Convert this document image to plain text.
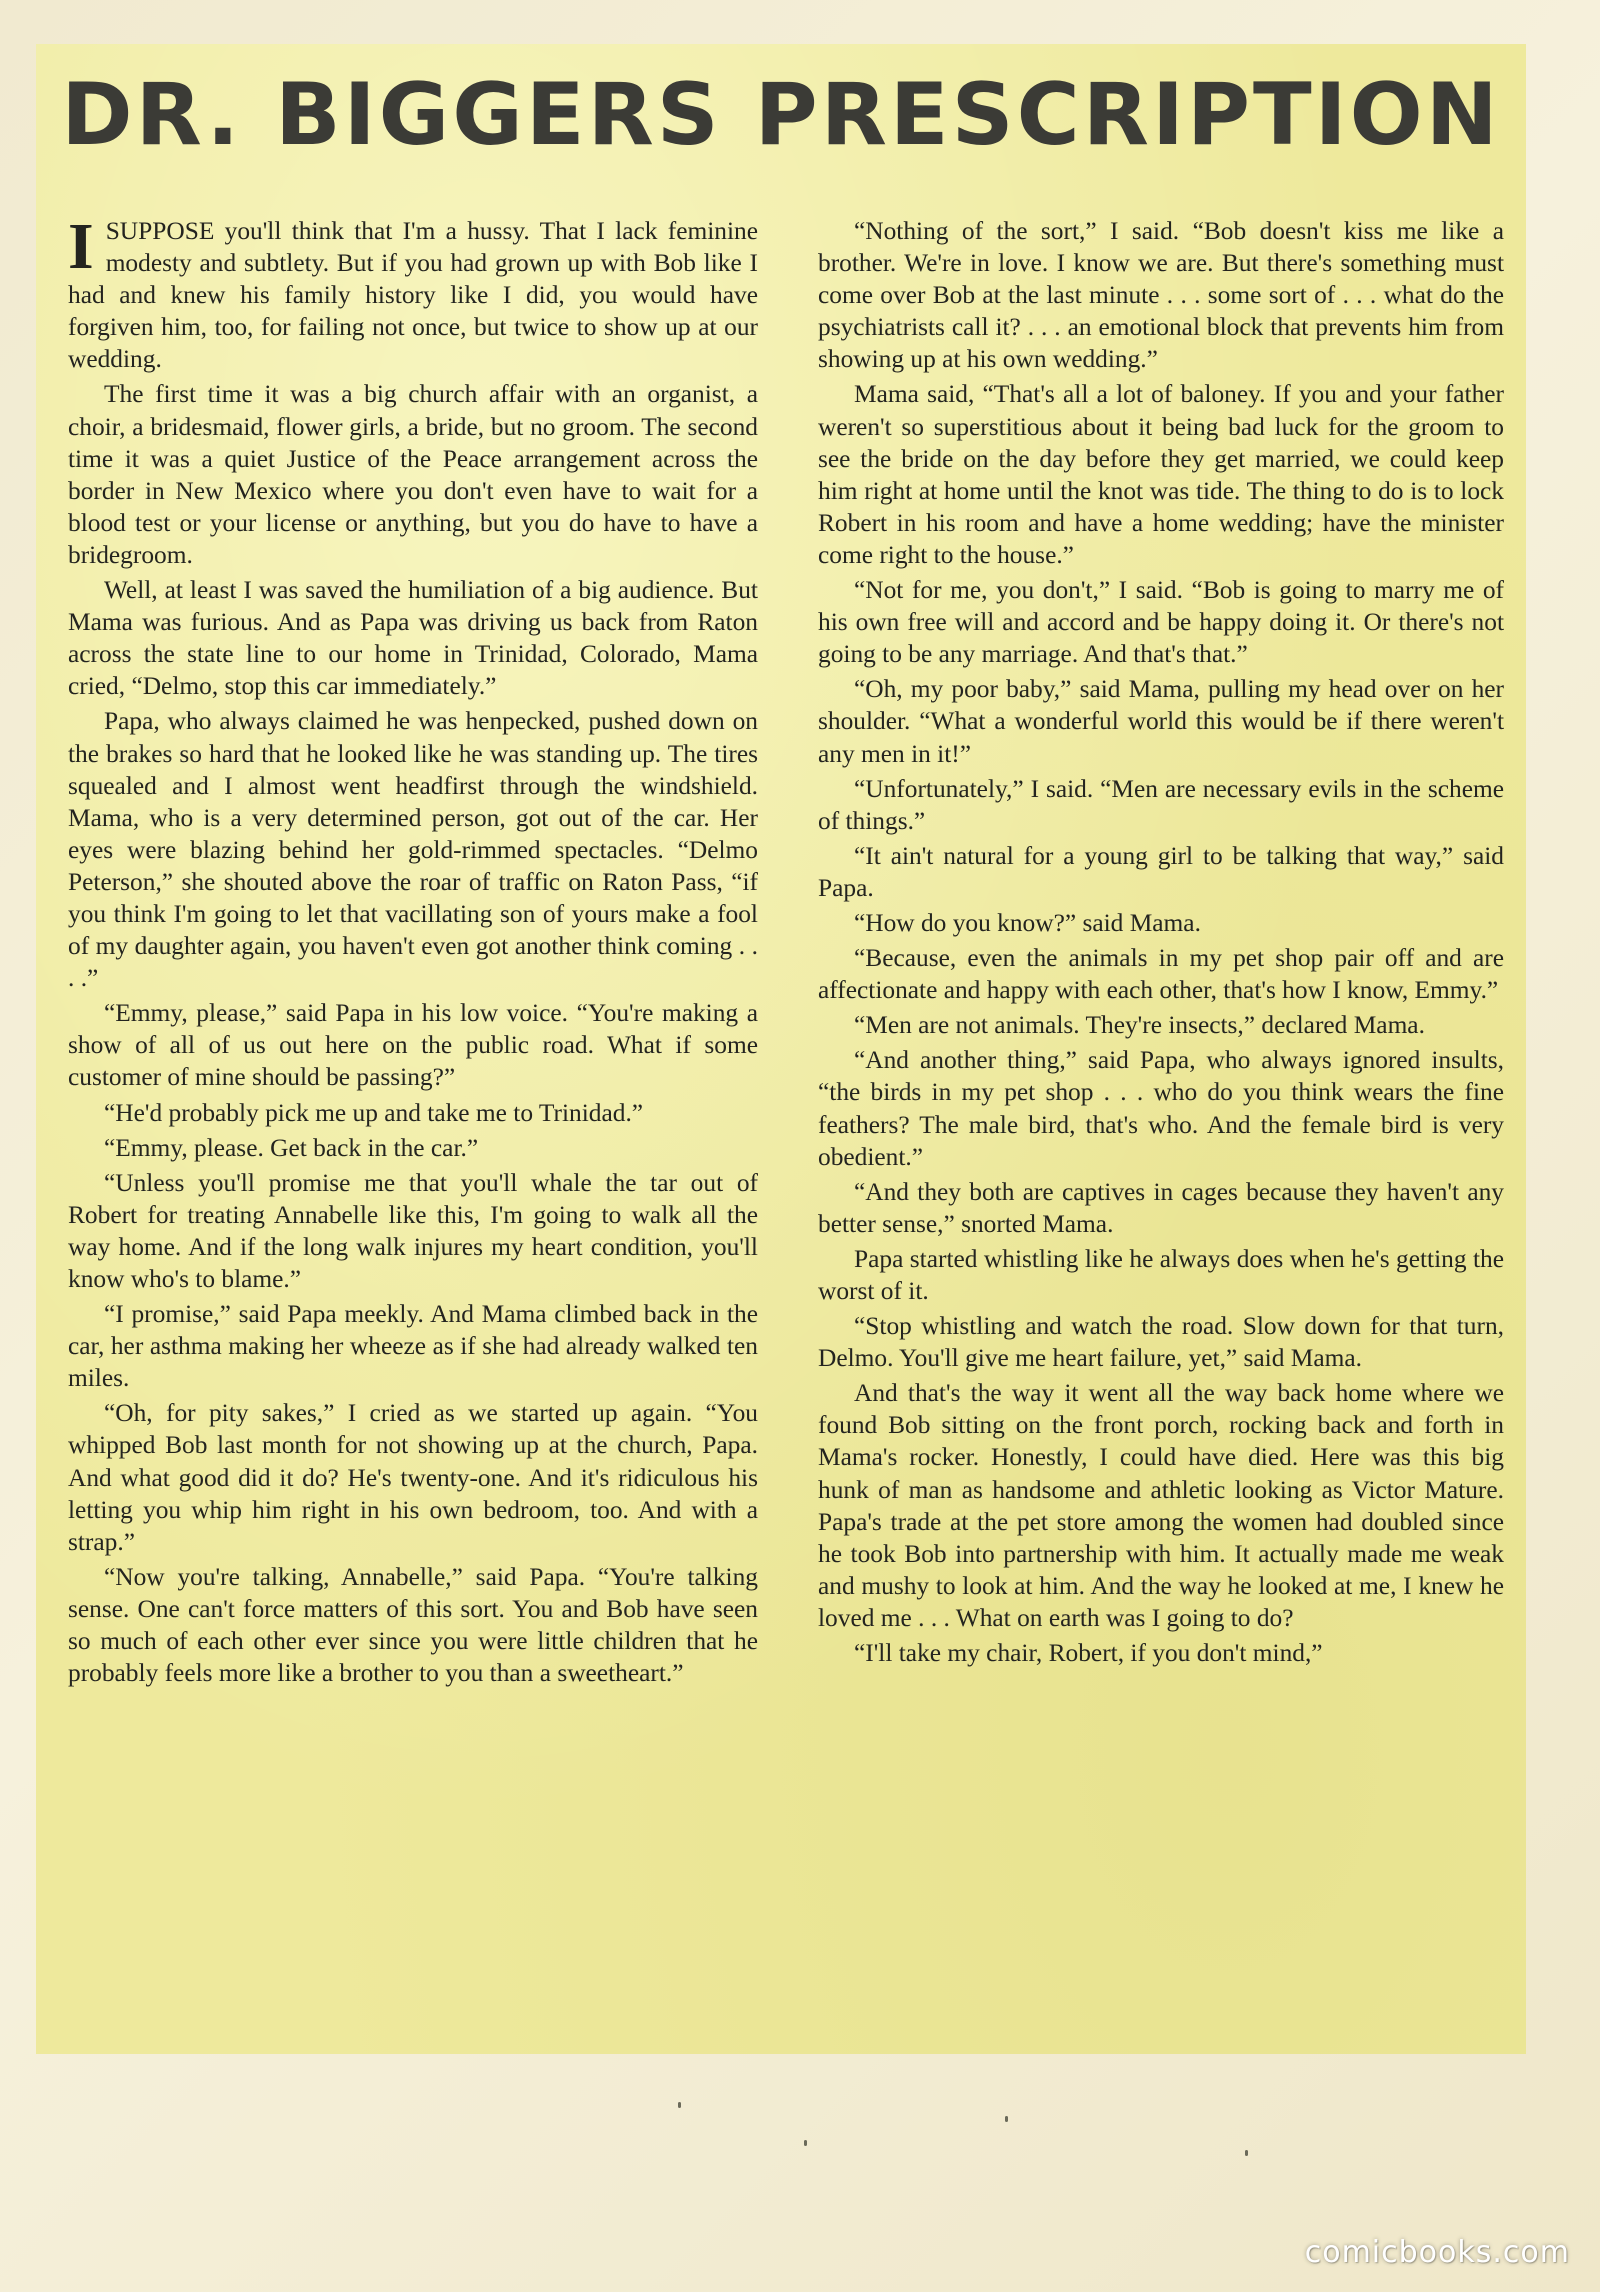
DR. BIGGERS PRESCRIPTION

ISUPPOSE you'll think that I'm a hussy. That I lack feminine modesty and subtlety. But if you had grown up with Bob like I had and knew his family history like I did, you would have forgiven him, too, for failing not once, but twice to show up at our wedding.

The first time it was a big church affair with an organist, a choir, a bridesmaid, flower girls, a bride, but no groom. The second time it was a quiet Justice of the Peace arrangement across the border in New Mexico where you don't even have to wait for a blood test or your license or anything, but you do have to have a bridegroom.

Well, at least I was saved the humiliation of a big audience. But Mama was furious. And as Papa was driving us back from Raton across the state line to our home in Trinidad, Colorado, Mama cried, “Delmo, stop this car immediately.”

Papa, who always claimed he was henpecked, pushed down on the brakes so hard that he looked like he was standing up. The tires squealed and I almost went headfirst through the windshield. Mama, who is a very determined person, got out of the car. Her eyes were blazing behind her gold-rimmed spectacles. “Delmo Peterson,” she shouted above the roar of traffic on Raton Pass, “if you think I'm going to let that vacillating son of yours make a fool of my daughter again, you haven't even got another think coming . . . .”

“Emmy, please,” said Papa in his low voice. “You're making a show of all of us out here on the public road. What if some customer of mine should be passing?”

“He'd probably pick me up and take me to Trinidad.”

“Emmy, please. Get back in the car.”

“Unless you'll promise me that you'll whale the tar out of Robert for treating Annabelle like this, I'm going to walk all the way home. And if the long walk injures my heart condition, you'll know who's to blame.”

“I promise,” said Papa meekly. And Mama climbed back in the car, her asthma making her wheeze as if she had already walked ten miles.

“Oh, for pity sakes,” I cried as we started up again. “You whipped Bob last month for not showing up at the church, Papa. And what good did it do? He's twenty-one. And it's ridiculous his letting you whip him right in his own bedroom, too. And with a strap.”

“Now you're talking, Annabelle,” said Papa. “You're talking sense. One can't force matters of this sort. You and Bob have seen so much of each other ever since you were little children that he probably feels more like a brother to you than a sweetheart.”

“Nothing of the sort,” I said. “Bob doesn't kiss me like a brother. We're in love. I know we are. But there's something must come over Bob at the last minute . . . some sort of . . . what do the psychiatrists call it? . . . an emotional block that prevents him from showing up at his own wedding.”

Mama said, “That's all a lot of baloney. If you and your father weren't so superstitious about it being bad luck for the groom to see the bride on the day before they get married, we could keep him right at home until the knot was tide. The thing to do is to lock Robert in his room and have a home wedding; have the minister come right to the house.”

“Not for me, you don't,” I said. “Bob is going to marry me of his own free will and accord and be happy doing it. Or there's not going to be any marriage. And that's that.”

“Oh, my poor baby,” said Mama, pulling my head over on her shoulder. “What a wonderful world this would be if there weren't any men in it!”

“Unfortunately,” I said. “Men are necessary evils in the scheme of things.”

“It ain't natural for a young girl to be talking that way,” said Papa.

“How do you know?” said Mama.

“Because, even the animals in my pet shop pair off and are affectionate and happy with each other, that's how I know, Emmy.”

“Men are not animals. They're insects,” declared Mama.

“And another thing,” said Papa, who always ignored insults, “the birds in my pet shop . . . who do you think wears the fine feathers? The male bird, that's who. And the female bird is very obedient.”

“And they both are captives in cages because they haven't any better sense,” snorted Mama.

Papa started whistling like he always does when he's getting the worst of it.

“Stop whistling and watch the road. Slow down for that turn, Delmo. You'll give me heart failure, yet,” said Mama.

And that's the way it went all the way back home where we found Bob sitting on the front porch, rocking back and forth in Mama's rocker. Honestly, I could have died. Here was this big hunk of man as handsome and athletic looking as Victor Mature. Papa's trade at the pet store among the women had doubled since he took Bob into partnership with him. It actually made me weak and mushy to look at him. And the way he looked at me, I knew he loved me . . . What on earth was I going to do?

“I'll take my chair, Robert, if you don't mind,”

comicbooks.com
